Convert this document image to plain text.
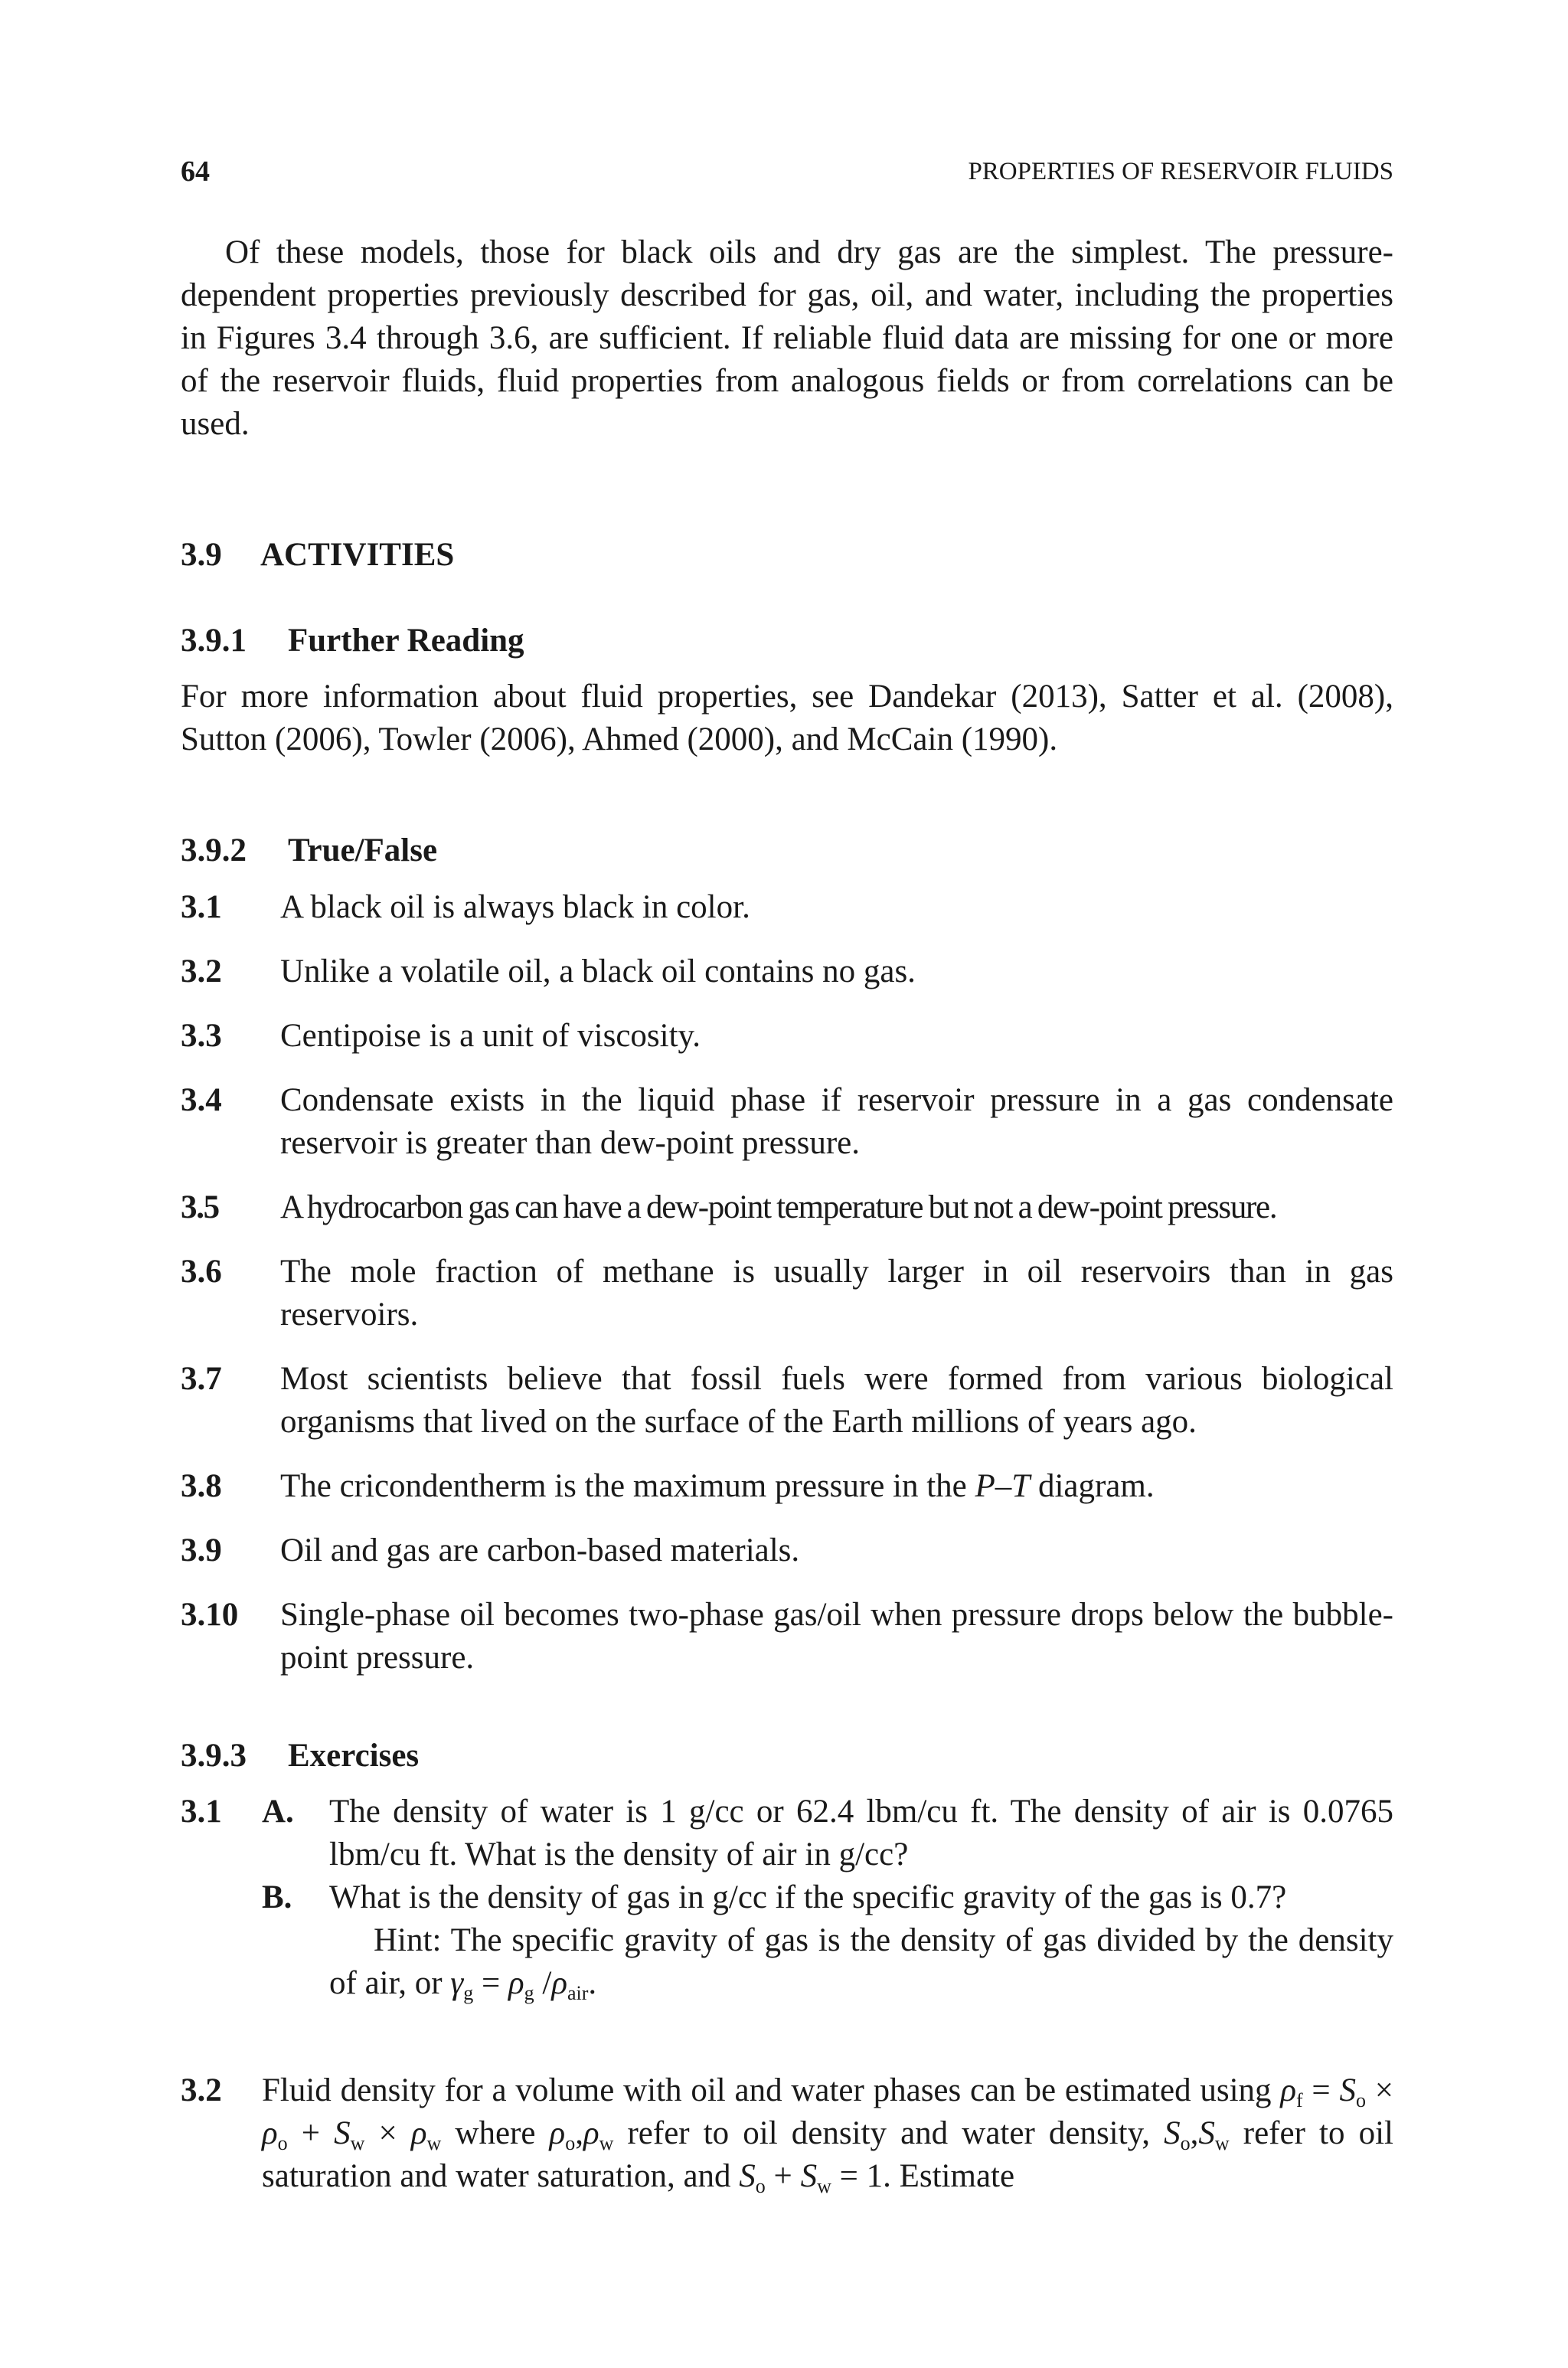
64	PROPERTIES OF RESERVOIR FLUIDS

Of these models, those for black oils and dry gas are the simplest. The pressure-dependent properties previously described for gas, oil, and water, including the properties in Figures 3.4 through 3.6, are sufficient. If reliable fluid data are missing for one or more of the reservoir fluids, fluid properties from analogous fields or from correlations can be used.

3.9 ACTIVITIES
3.9.1 Further Reading

For more information about fluid properties, see Dandekar (2013), Satter et al. (2008), Sutton (2006), Towler (2006), Ahmed (2000), and McCain (1990).

3.9.2 True/False
3.1 A black oil is always black in color.
3.2 Unlike a volatile oil, a black oil contains no gas.
3.3 Centipoise is a unit of viscosity.
3.4 Condensate exists in the liquid phase if reservoir pressure in a gas condensate reservoir is greater than dew-point pressure.
3.5 A hydrocarbon gas can have a dew-point temperature but not a dew-point pressure.
3.6 The mole fraction of methane is usually larger in oil reservoirs than in gas reservoirs.
3.7 Most scientists believe that fossil fuels were formed from various biological organisms that lived on the surface of the Earth millions of years ago.
3.8 The cricondentherm is the maximum pressure in the P–T diagram.
3.9 Oil and gas are carbon-based materials.
3.10 Single-phase oil becomes two-phase gas/oil when pressure drops below the bubble-point pressure.
3.9.3 Exercises
3.1 A. The density of water is 1 g/cc or 62.4 lbm/cu ft. The density of air is 0.0765 lbm/cu ft. What is the density of air in g/cc?
B. What is the density of gas in g/cc if the specific gravity of the gas is 0.7?
Hint: The specific gravity of gas is the density of gas divided by the density of air, or $\gamma_g = \rho_g$ $/\rho_{air}$.
3.2	Fluid density for a volume with oil and water phases can be estimated using $\rho_f = S_o \times \rho_o + S_w \times \rho_w$ where $\rho_o,\rho_w$ refer to oil density and water density, $S_o,S_w$ refer to oil saturation and water saturation, and $S_o + S_w = 1$. Estimate
